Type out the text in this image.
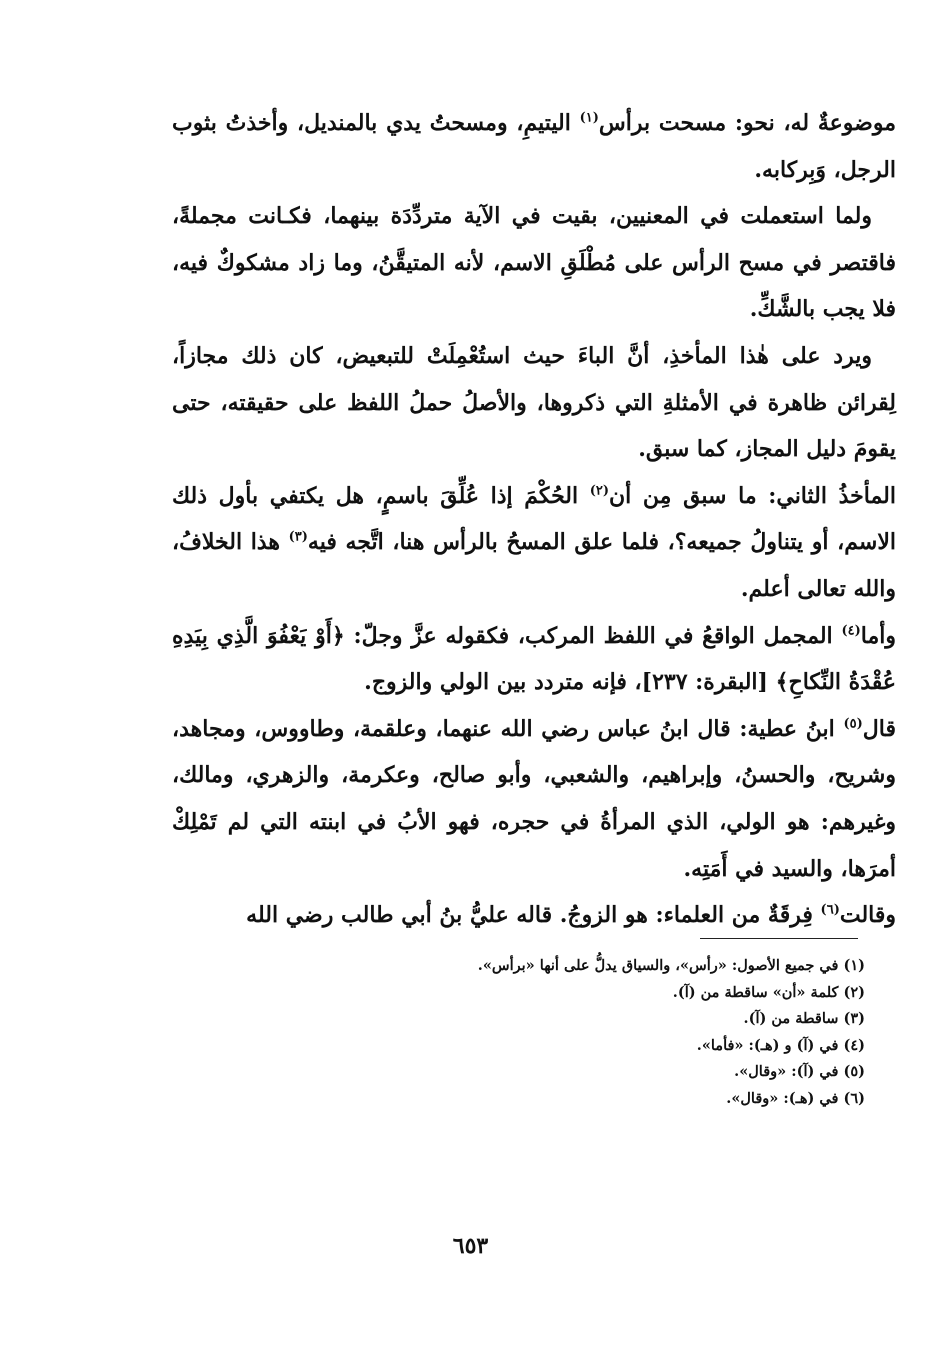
موضوعةٌ له، نحو: مسحت برأس$^{(١)}$ اليتيمِ، ومسحتُ يدي بالمنديل، وأخذتُ بثوب الرجل، وَبِركابه.

ولما استعملت في المعنيين، بقيت في الآية متردِّدَة بينهما، فكـانت مجملةً، فاقتصر في مسح الرأس على مُطْلَقِ الاسم، لأنه المتيقَّنُ، وما زاد مشكوكٌ فيه، فلا يجب بالشَّكِّ.

ويرد على هٰذا المأخذِ، أنَّ الباءَ حيث استُعْمِلَتْ للتبعيض، كان ذلك مجازاً، لِقرائن ظاهرة في الأمثلةِ التي ذكروها، والأصلُ حملُ اللفظ على حقيقته، حتى يقومَ دليل المجاز، كما سبق.

المأخذُ الثاني: ما سبق مِن أن$^{(٢)}$ الحُكْمَ إذا عُلِّقَ باسمٍ، هل يكتفي بأول ذلك الاسم، أو يتناولُ جميعه؟، فلما علق المسحُ بالرأس هنا، اتَّجه فيه$^{(٣)}$ هذا الخلافُ، والله تعالى أعلم.

وأما$^{(٤)}$ المجمل الواقعُ في اللفظ المركب، فكقوله عزَّ وجلّ: ﴿أَوْ يَعْفُوَ الَّذِي بِيَدِهِ عُقْدَةُ النِّكاحِ﴾ [البقرة: ٢٣٧]، فإنه متردد بين الولي والزوج.

قال$^{(٥)}$ ابنُ عطية: قال ابنُ عباس رضي الله عنهما، وعلقمة، وطاووس، ومجاهد، وشريح، والحسنُ، وإبراهيم، والشعبي، وأبو صالح، وعكرمة، والزهري، ومالك، وغيرهم: هو الولي، الذي المرأةُ في حجره، فهو الأبُ في ابنته التي لم تَمْلِكْ أمرَها، والسيد في أَمَتِه.

وقالت$^{(٦)}$ فِرقَةٌ من العلماء: هو الزوجُ. قاله عليُّ بنُ أبي طالب رضي الله

(١) في جميع الأصول: «رأس»، والسياق يدلُّ على أنها «برأس».

(٢) كلمة «أن» ساقطة من (آ).

(٣) ساقطة من (آ).

(٤) في (آ) و (هـ): «فأما».

(٥) في (آ): «وقال».

(٦) في (هـ): «وقال».

٦٥٣
